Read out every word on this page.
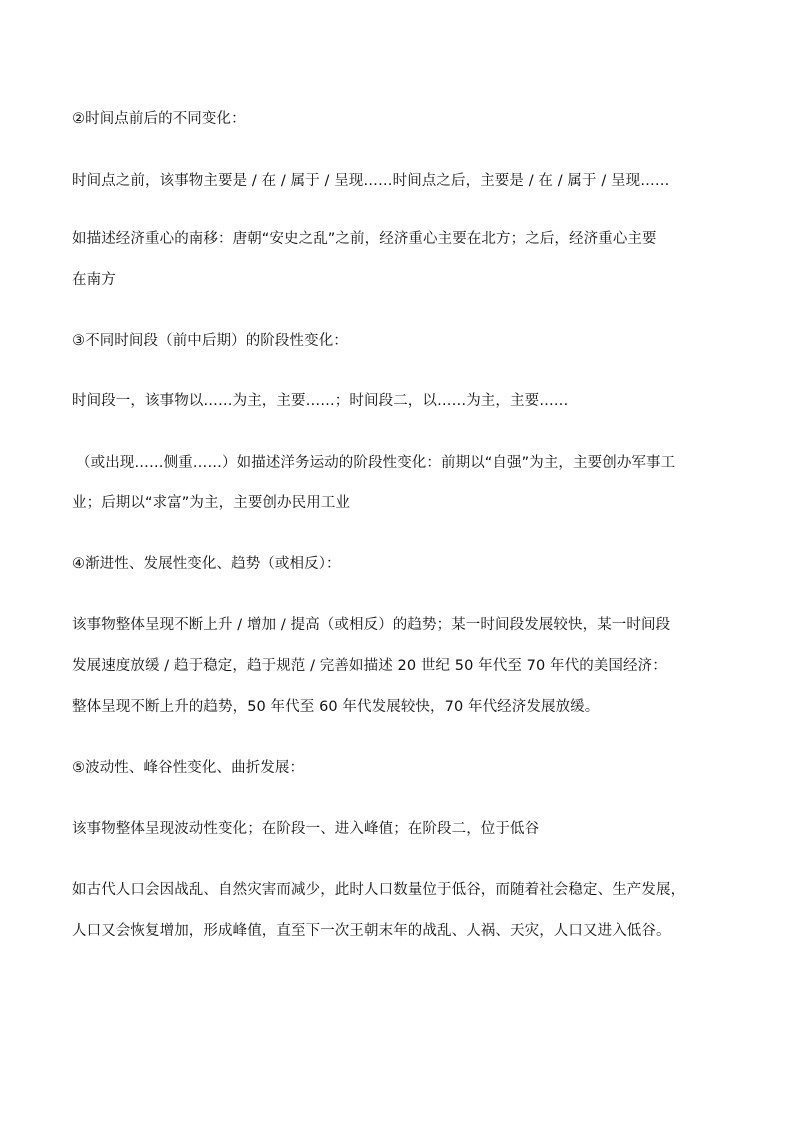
②时间点前后的不同变化：
时间点之前，该事物主要是 / 在 / 属于 / 呈现……时间点之后，主要是 / 在 / 属于 / 呈现……
如描述经济重心的南移：唐朝“安史之乱”之前，经济重心主要在北方；之后，经济重心主要
在南方
③不同时间段（前中后期）的阶段性变化：
时间段一，该事物以……为主，主要……；时间段二，以……为主，主要……
（或出现……侧重……）如描述洋务运动的阶段性变化：前期以“自强”为主，主要创办军事工
业；后期以“求富”为主，主要创办民用工业
④渐进性、发展性变化、趋势（或相反）：
该事物整体呈现不断上升 / 增加 / 提高（或相反）的趋势；某一时间段发展较快，某一时间段
发展速度放缓 / 趋于稳定，趋于规范 / 完善如描述 20 世纪 50 年代至 70 年代的美国经济：
整体呈现不断上升的趋势，50 年代至 60 年代发展较快，70 年代经济发展放缓。
⑤波动性、峰谷性变化、曲折发展：
该事物整体呈现波动性变化；在阶段一、进入峰值；在阶段二，位于低谷
如古代人口会因战乱、自然灾害而减少，此时人口数量位于低谷，而随着社会稳定、生产发展，
人口又会恢复增加，形成峰值，直至下一次王朝末年的战乱、人祸、天灾，人口又进入低谷。
